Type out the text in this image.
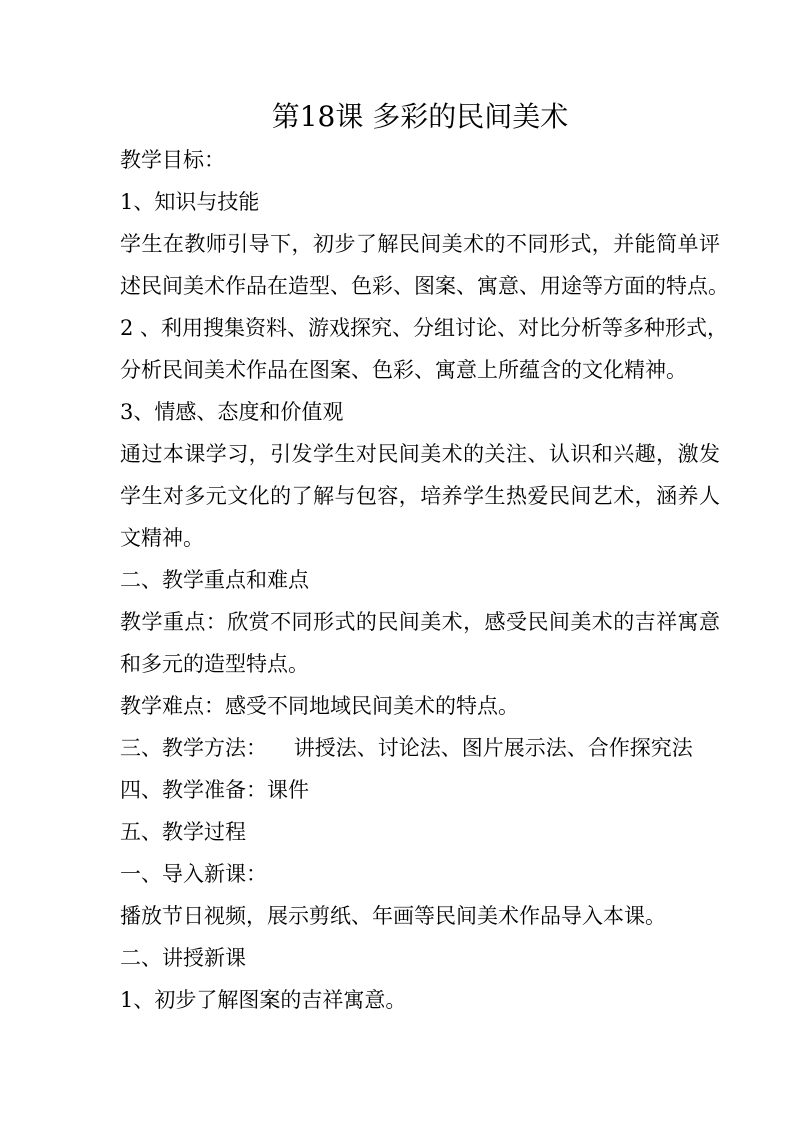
第18课 多彩的民间美术
教学目标：
1、知识与技能
学生在教师引导下，初步了解民间美术的不同形式，并能简单评
述民间美术作品在造型、色彩、图案、寓意、用途等方面的特点。
2 、利用搜集资料、游戏探究、分组讨论、对比分析等多种形式，
分析民间美术作品在图案、色彩、寓意上所蕴含的文化精神。
3、情感、态度和价值观
通过本课学习，引发学生对民间美术的关注、认识和兴趣，激发
学生对多元文化的了解与包容，培养学生热爱民间艺术，涵养人
文精神。
二、教学重点和难点
教学重点：欣赏不同形式的民间美术，感受民间美术的吉祥寓意
和多元的造型特点。
教学难点：感受不同地域民间美术的特点。
三、教学方法：    讲授法、讨论法、图片展示法、合作探究法
四、教学准备：课件
五、教学过程
一、导入新课：
播放节日视频，展示剪纸、年画等民间美术作品导入本课。
二、讲授新课
1、初步了解图案的吉祥寓意。
